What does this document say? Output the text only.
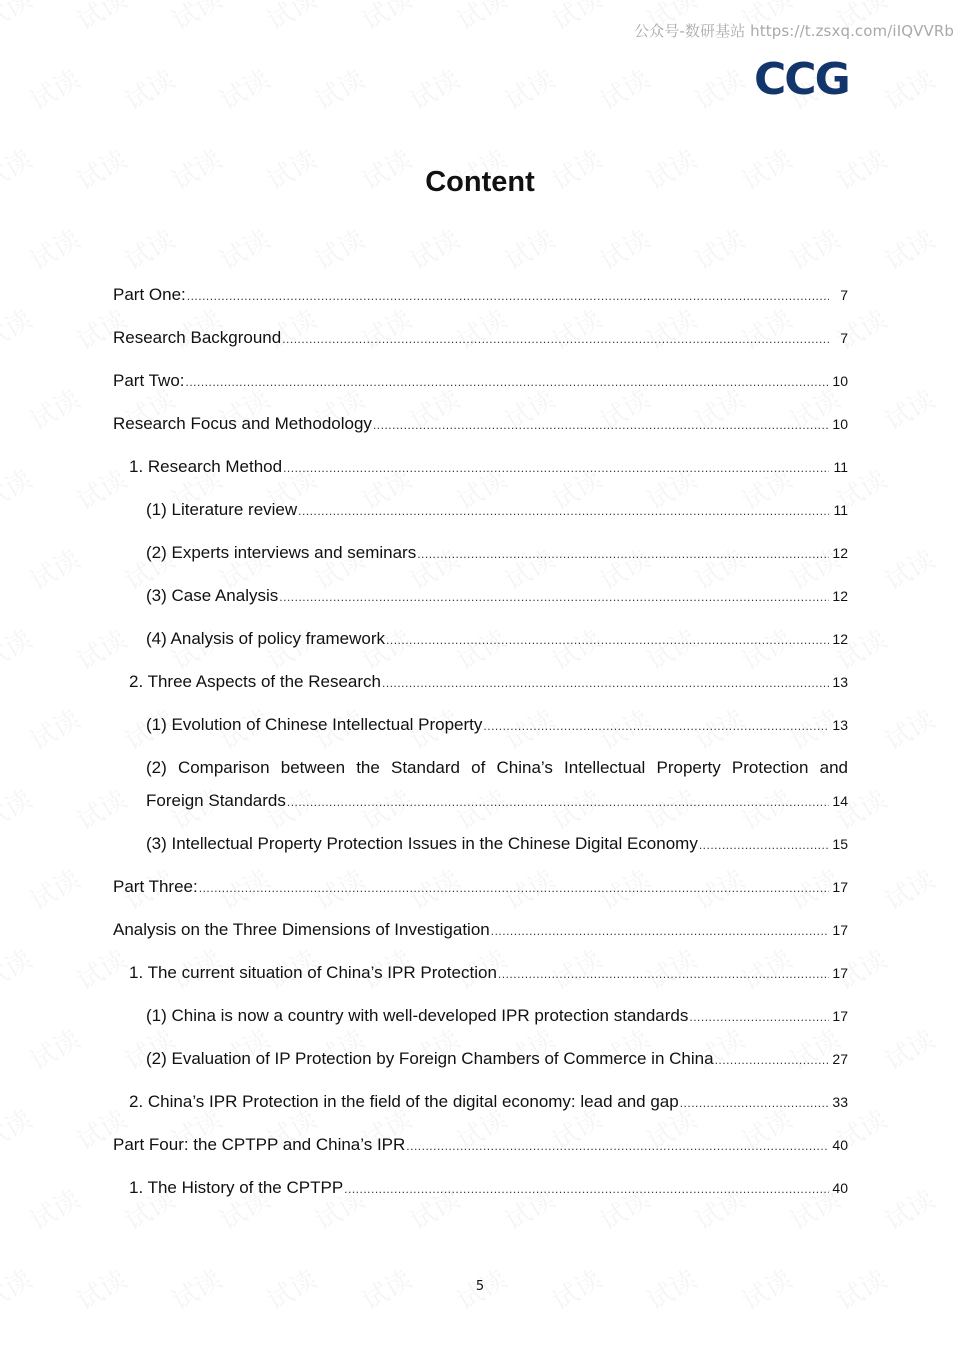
公众号-数研基站 https://t.zsxq.com/iIQVVRb
CCG
Content
Part One: .....	7
Research Background .....	7
Part Two: .....	10
Research Focus and Methodology .....	10
1. Research Method .....	11
(1) Literature review .....	11
(2) Experts interviews and seminars .....	12
(3) Case Analysis .....	12
(4) Analysis of policy framework .....	12
2. Three Aspects of the Research .....	13
(1) Evolution of Chinese Intellectual Property .....	13
(2) Comparison between the Standard of China’s Intellectual Property Protection and
Foreign Standards .....	14
(3) Intellectual Property Protection Issues in the Chinese Digital Economy .....	15
Part Three: .....	17
Analysis on the Three Dimensions of Investigation .....	17
1. The current situation of China’s IPR Protection .....	17
(1) China is now a country with well-developed IPR protection standards .....	17
(2) Evaluation of IP Protection by Foreign Chambers of Commerce in China .....	27
2. China’s IPR Protection in the field of the digital economy: lead and gap .....	33
Part Four: the CPTPP and China’s IPR .....	40
1. The History of the CPTPP .....	40
5
